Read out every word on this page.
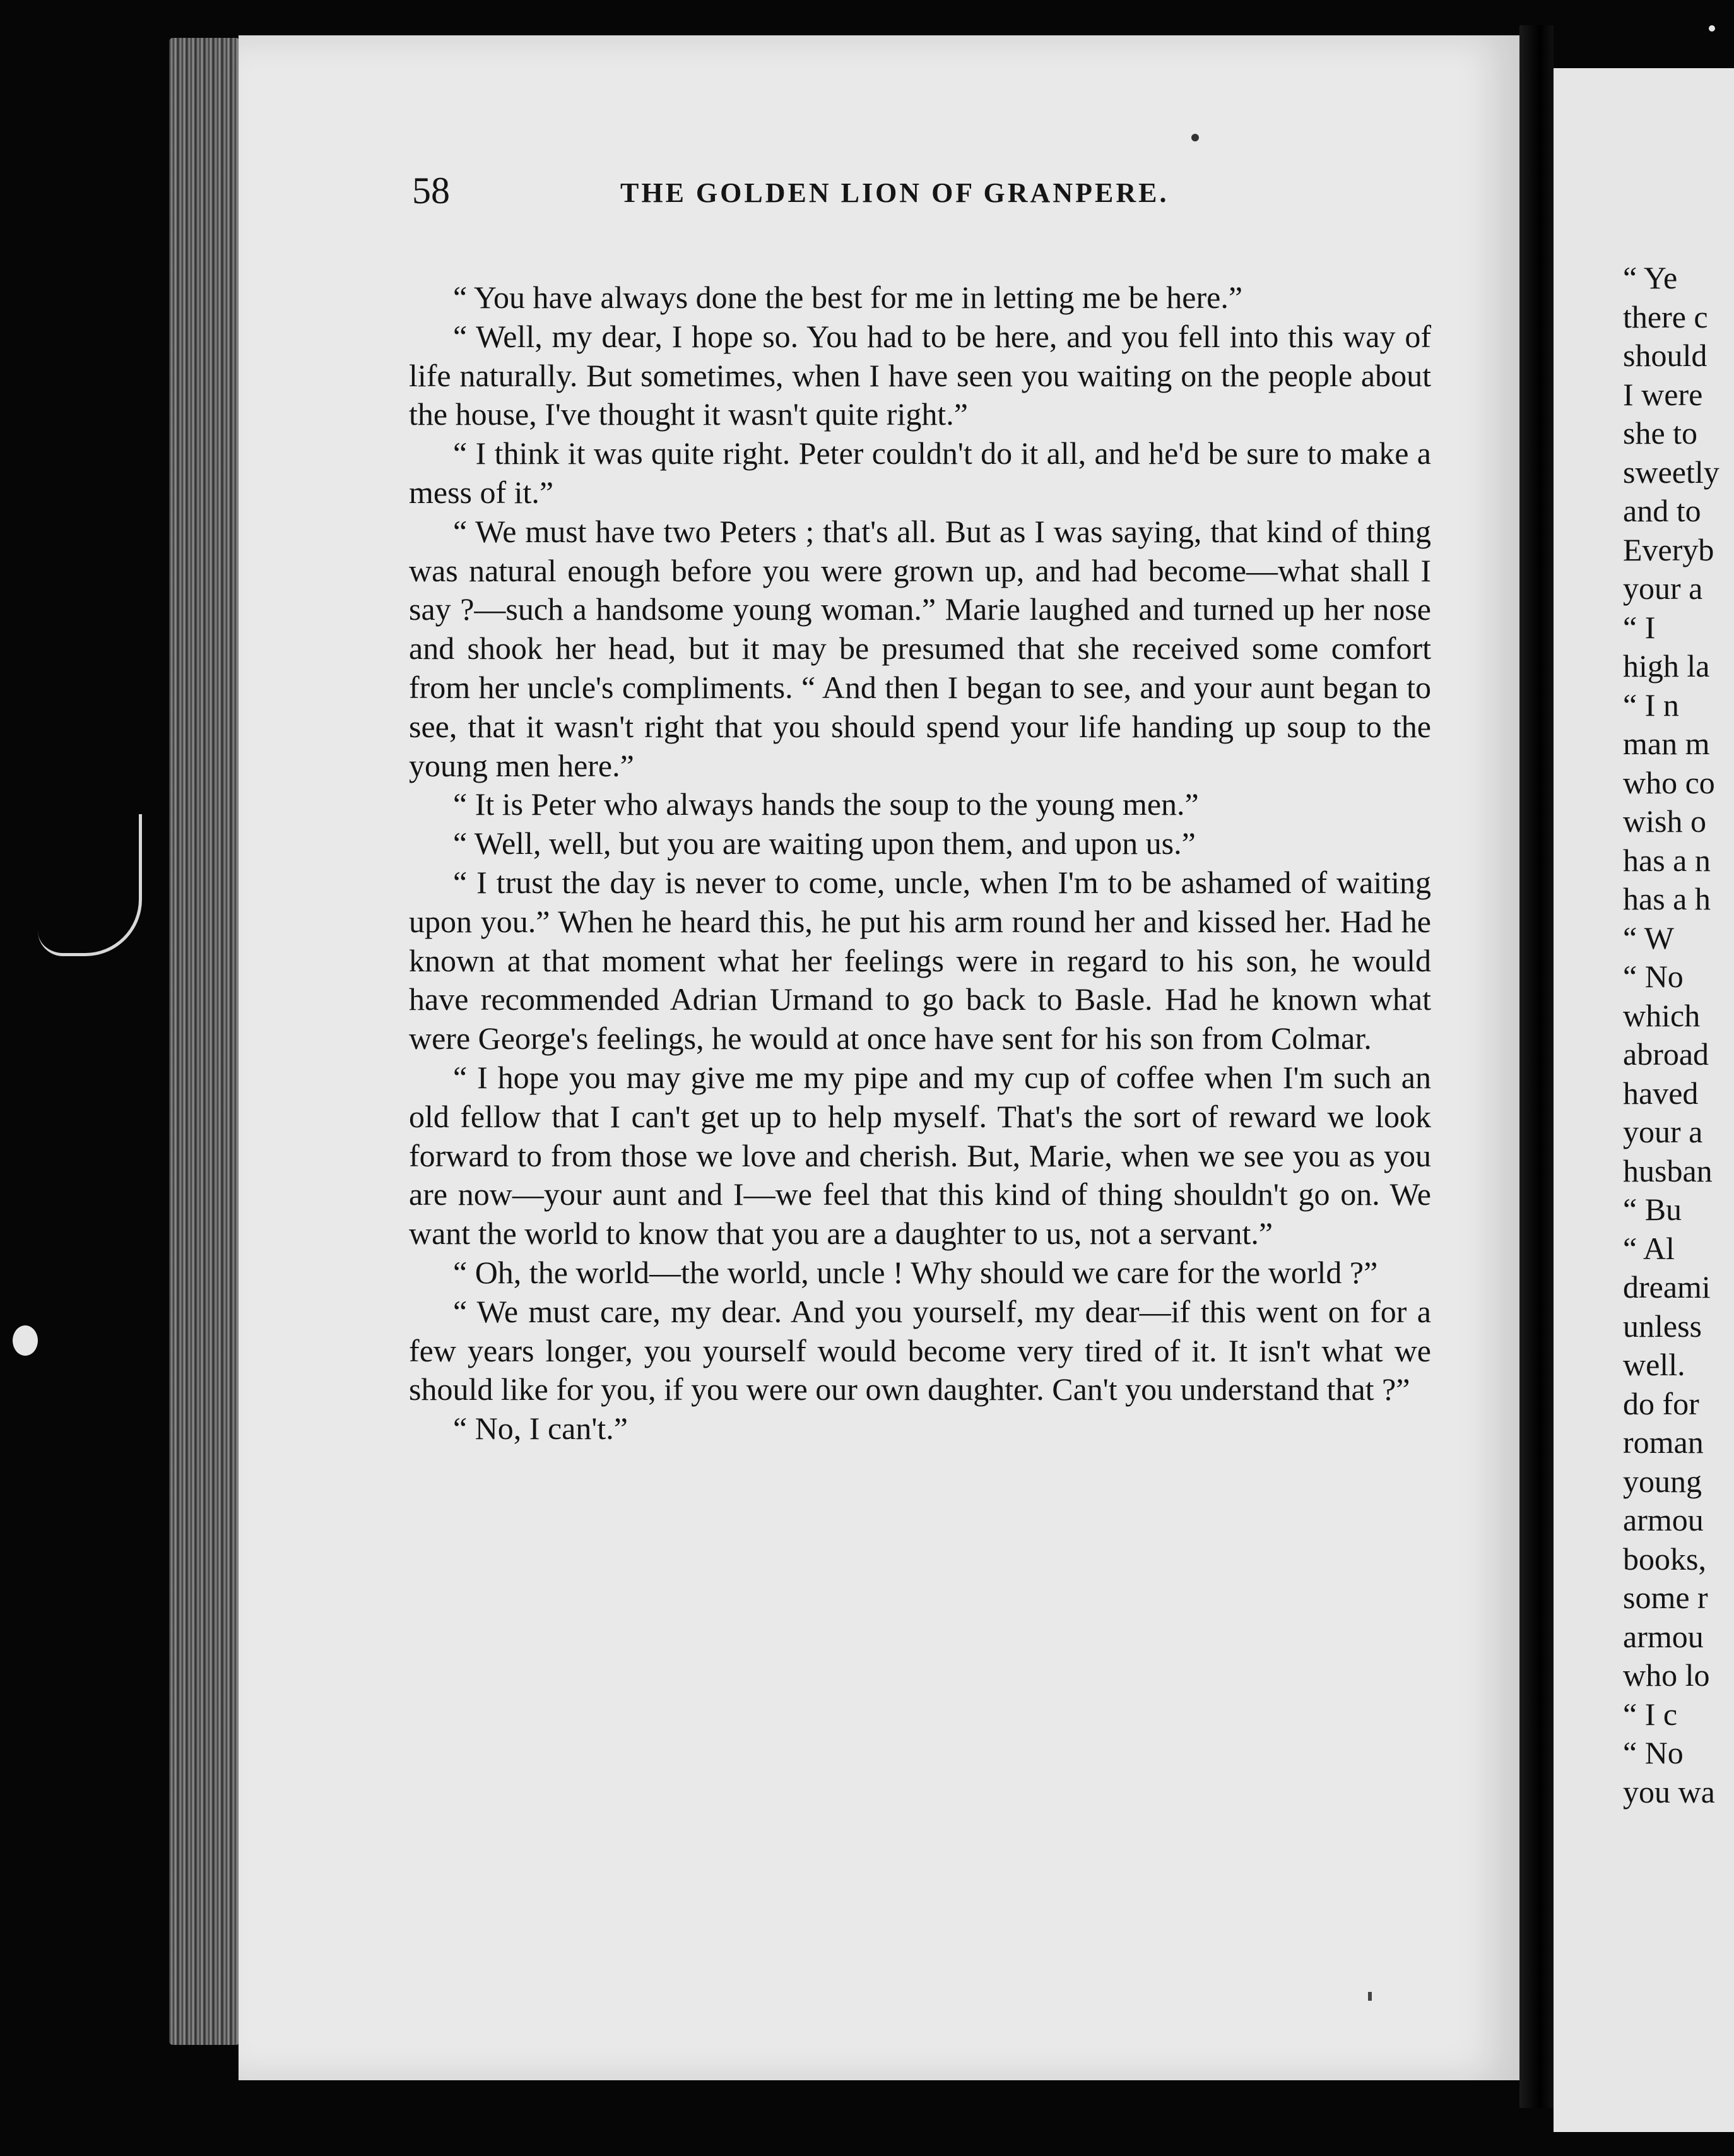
58	THE GOLDEN LION OF GRANPERE.

“ You have always done the best for me in letting me be here.”

“ Well, my dear, I hope so. You had to be here, and you fell into this way of life naturally. But sometimes, when I have seen you waiting on the people about the house, I've thought it wasn't quite right.”

“ I think it was quite right. Peter couldn't do it all, and he'd be sure to make a mess of it.”

“ We must have two Peters ; that's all. But as I was saying, that kind of thing was natural enough before you were grown up, and had become—what shall I say ?—such a handsome young woman.” Marie laughed and turned up her nose and shook her head, but it may be presumed that she received some comfort from her uncle's compliments. “ And then I began to see, and your aunt began to see, that it wasn't right that you should spend your life handing up soup to the young men here.”

“ It is Peter who always hands the soup to the young men.”

“ Well, well, but you are waiting upon them, and upon us.”

“ I trust the day is never to come, uncle, when I'm to be ashamed of waiting upon you.” When he heard this, he put his arm round her and kissed her. Had he known at that moment what her feelings were in regard to his son, he would have recommended Adrian Urmand to go back to Basle. Had he known what were George's feelings, he would at once have sent for his son from Colmar.

“ I hope you may give me my pipe and my cup of coffee when I'm such an old fellow that I can't get up to help myself. That's the sort of reward we look forward to from those we love and cherish. But, Marie, when we see you as you are now—your aunt and I—we feel that this kind of thing shouldn't go on. We want the world to know that you are a daughter to us, not a servant.”

“ Oh, the world—the world, uncle ! Why should we care for the world ?”

“ We must care, my dear. And you yourself, my dear—if this went on for a few years longer, you yourself would become very tired of it. It isn't what we should like for you, if you were our own daughter. Can't you understand that ?”

“ No, I can't.”

“ Ye
there c
should
I were
she to
sweetly
and to
Everyb
your a
“ I
high la
“ I n
man m
who co
wish o
has a n
has a h
“ W
“ No
which
abroad
haved
your a
husban
“ Bu
“ Al
dreami
unless
well.
do for
roman
young
armou
books,
some r
armou
who lo
“ I c
“ No
you wa
